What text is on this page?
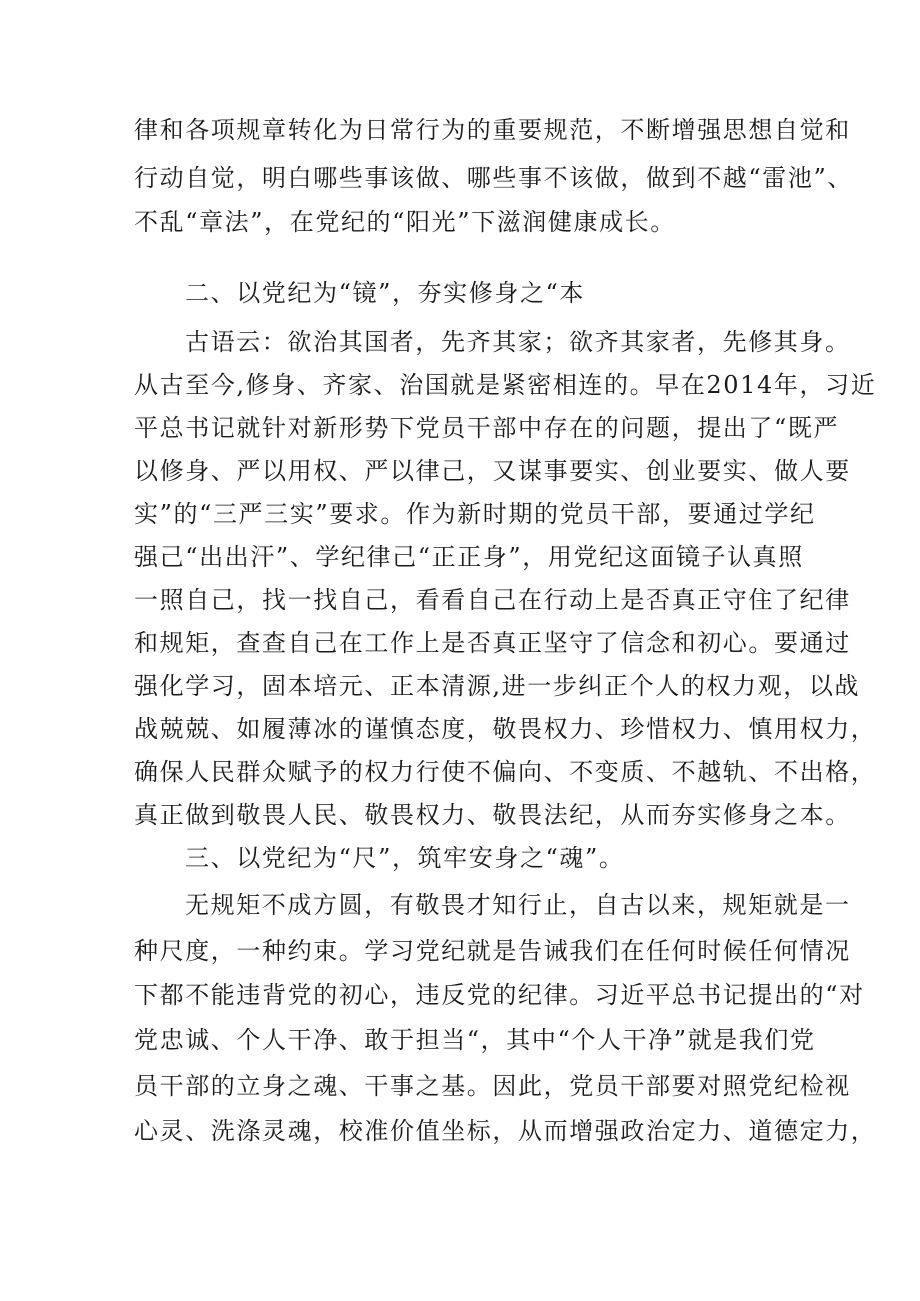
律和各项规章转化为日常行为的重要规范，不断增强思想自觉和
行动自觉，明白哪些事该做、哪些事不该做，做到不越“雷池”、
不乱“章法”，在党纪的“阳光”下滋润健康成长。
二、以党纪为“镜”，夯实修身之“本
古语云：欲治其国者，先齐其家；欲齐其家者，先修其身。
从古至今,修身、齐家、治国就是紧密相连的。早在2014年，习近
平总书记就针对新形势下党员干部中存在的问题，提出了“既严
以修身、严以用权、严以律己，又谋事要实、创业要实、做人要
实”的“三严三实”要求。作为新时期的党员干部，要通过学纪
强己“出出汗”、学纪律己“正正身”，用党纪这面镜子认真照
一照自己，找一找自己，看看自己在行动上是否真正守住了纪律
和规矩，查查自己在工作上是否真正坚守了信念和初心。要通过
强化学习，固本培元、正本清源,进一步纠正个人的权力观，以战
战兢兢、如履薄冰的谨慎态度，敬畏权力、珍惜权力、慎用权力，
确保人民群众赋予的权力行使不偏向、不变质、不越轨、不出格，
真正做到敬畏人民、敬畏权力、敬畏法纪，从而夯实修身之本。
三、以党纪为“尺”，筑牢安身之“魂”。
无规矩不成方圆，有敬畏才知行止，自古以来，规矩就是一
种尺度，一种约束。学习党纪就是告诫我们在任何时候任何情况
下都不能违背党的初心，违反党的纪律。习近平总书记提出的“对
党忠诚、个人干净、敢于担当“，其中“个人干净”就是我们党
员干部的立身之魂、干事之基。因此，党员干部要对照党纪检视
心灵、洗涤灵魂，校准价值坐标，从而增强政治定力、道德定力，
